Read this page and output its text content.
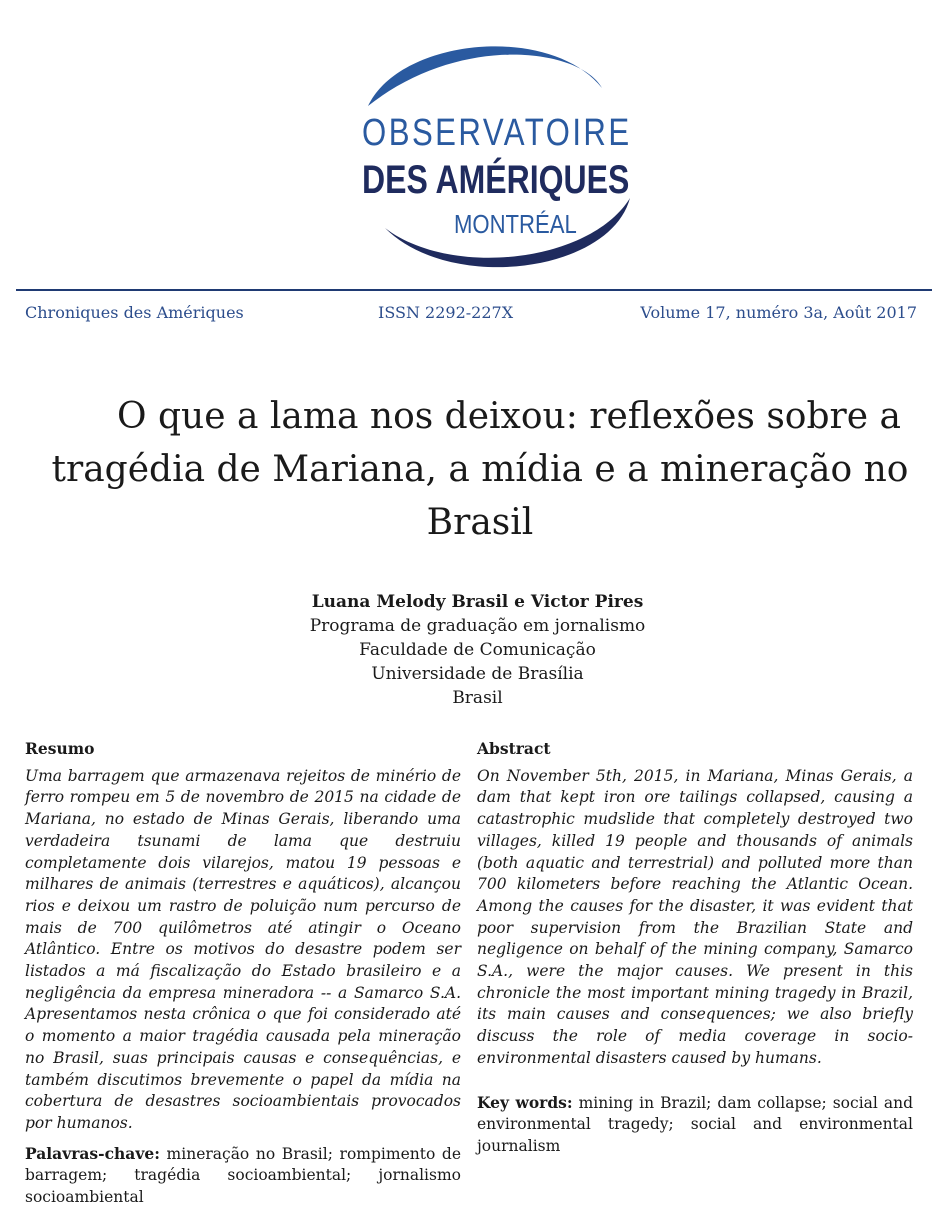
OBSERVATOIRE
DES AMÉRIQUES
MONTRÉAL
Chroniques des Amériques	ISSN 2292-227X	Volume 17, numéro 3a, Août 2017
O que a lama nos deixou: reflexões sobre a
tragédia de Mariana, a mídia e a mineração no
Brasil
Luana Melody Brasil e Victor Pires
Programa de graduação em jornalismo
Faculdade de Comunicação
Universidade de Brasília
Brasil
Resumo
Uma barragem que armazenava rejeitos de minério de ferro rompeu em 5 de novembro de 2015 na cidade de Mariana, no estado de Minas Gerais, liberando uma verdadeira tsunami de lama que destruiu completamente dois vilarejos, matou 19 pessoas e milhares de animais (terrestres e aquáticos), alcançou rios e deixou um rastro de poluição num percurso de mais de 700 quilômetros até atingir o Oceano Atlântico. Entre os motivos do desastre podem ser listados a má fiscalização do Estado brasileiro e a negligência da empresa mineradora -- a Samarco S.A. Apresentamos nesta crônica o que foi considerado até o momento a maior tragédia causada pela mineração no Brasil, suas principais causas e consequências, e também discutimos brevemente o papel da mídia na cobertura de desastres socioambientais provocados por humanos.
Palavras-chave: mineração no Brasil; rompimento de barragem; tragédia socioambiental; jornalismo socioambiental
Abstract
On November 5th, 2015, in Mariana, Minas Gerais, a dam that kept iron ore tailings collapsed, causing a catastrophic mudslide that completely destroyed two villages, killed 19 people and thousands of animals (both aquatic and terrestrial) and polluted more than 700 kilometers before reaching the Atlantic Ocean. Among the causes for the disaster, it was evident that poor supervision from the Brazilian State and negligence on behalf of the mining company, Samarco S.A., were the major causes. We present in this chronicle the most important mining tragedy in Brazil, its main causes and consequences; we also briefly discuss the role of media coverage in socio-environmental disasters caused by humans.
Key words: mining in Brazil; dam collapse; social and environmental tragedy; social and environmental journalism
